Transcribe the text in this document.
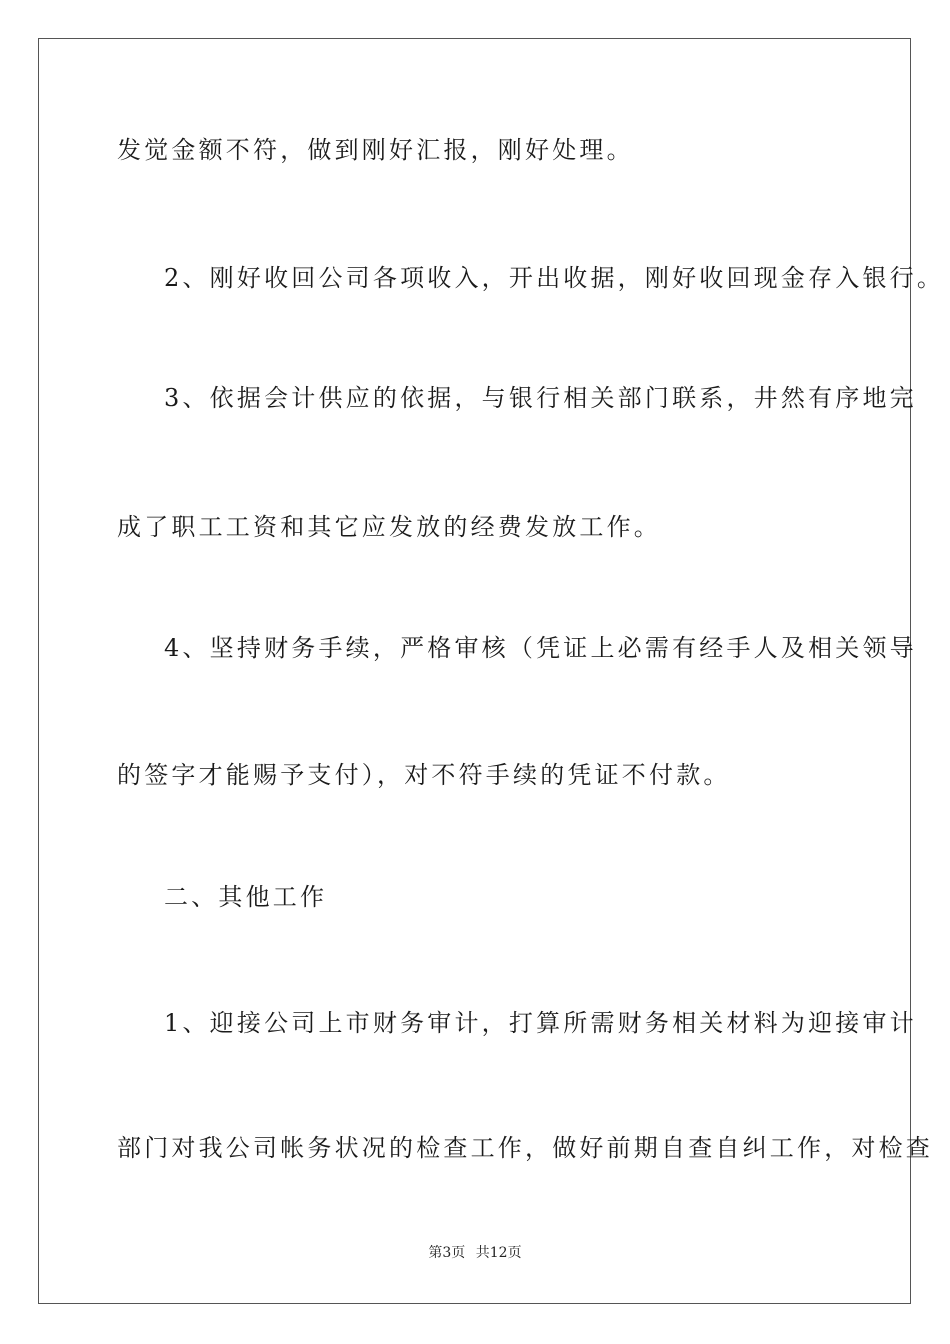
发觉金额不符，做到刚好汇报，刚好处理。
2、刚好收回公司各项收入，开出收据，刚好收回现金存入银行。
3、依据会计供应的依据，与银行相关部门联系，井然有序地完
成了职工工资和其它应发放的经费发放工作。
4、坚持财务手续，严格审核（凭证上必需有经手人及相关领导
的签字才能赐予支付），对不符手续的凭证不付款。
二、其他工作
1、迎接公司上市财务审计，打算所需财务相关材料为迎接审计
部门对我公司帐务状况的检查工作，做好前期自查自纠工作，对检查
第3页 共12页
